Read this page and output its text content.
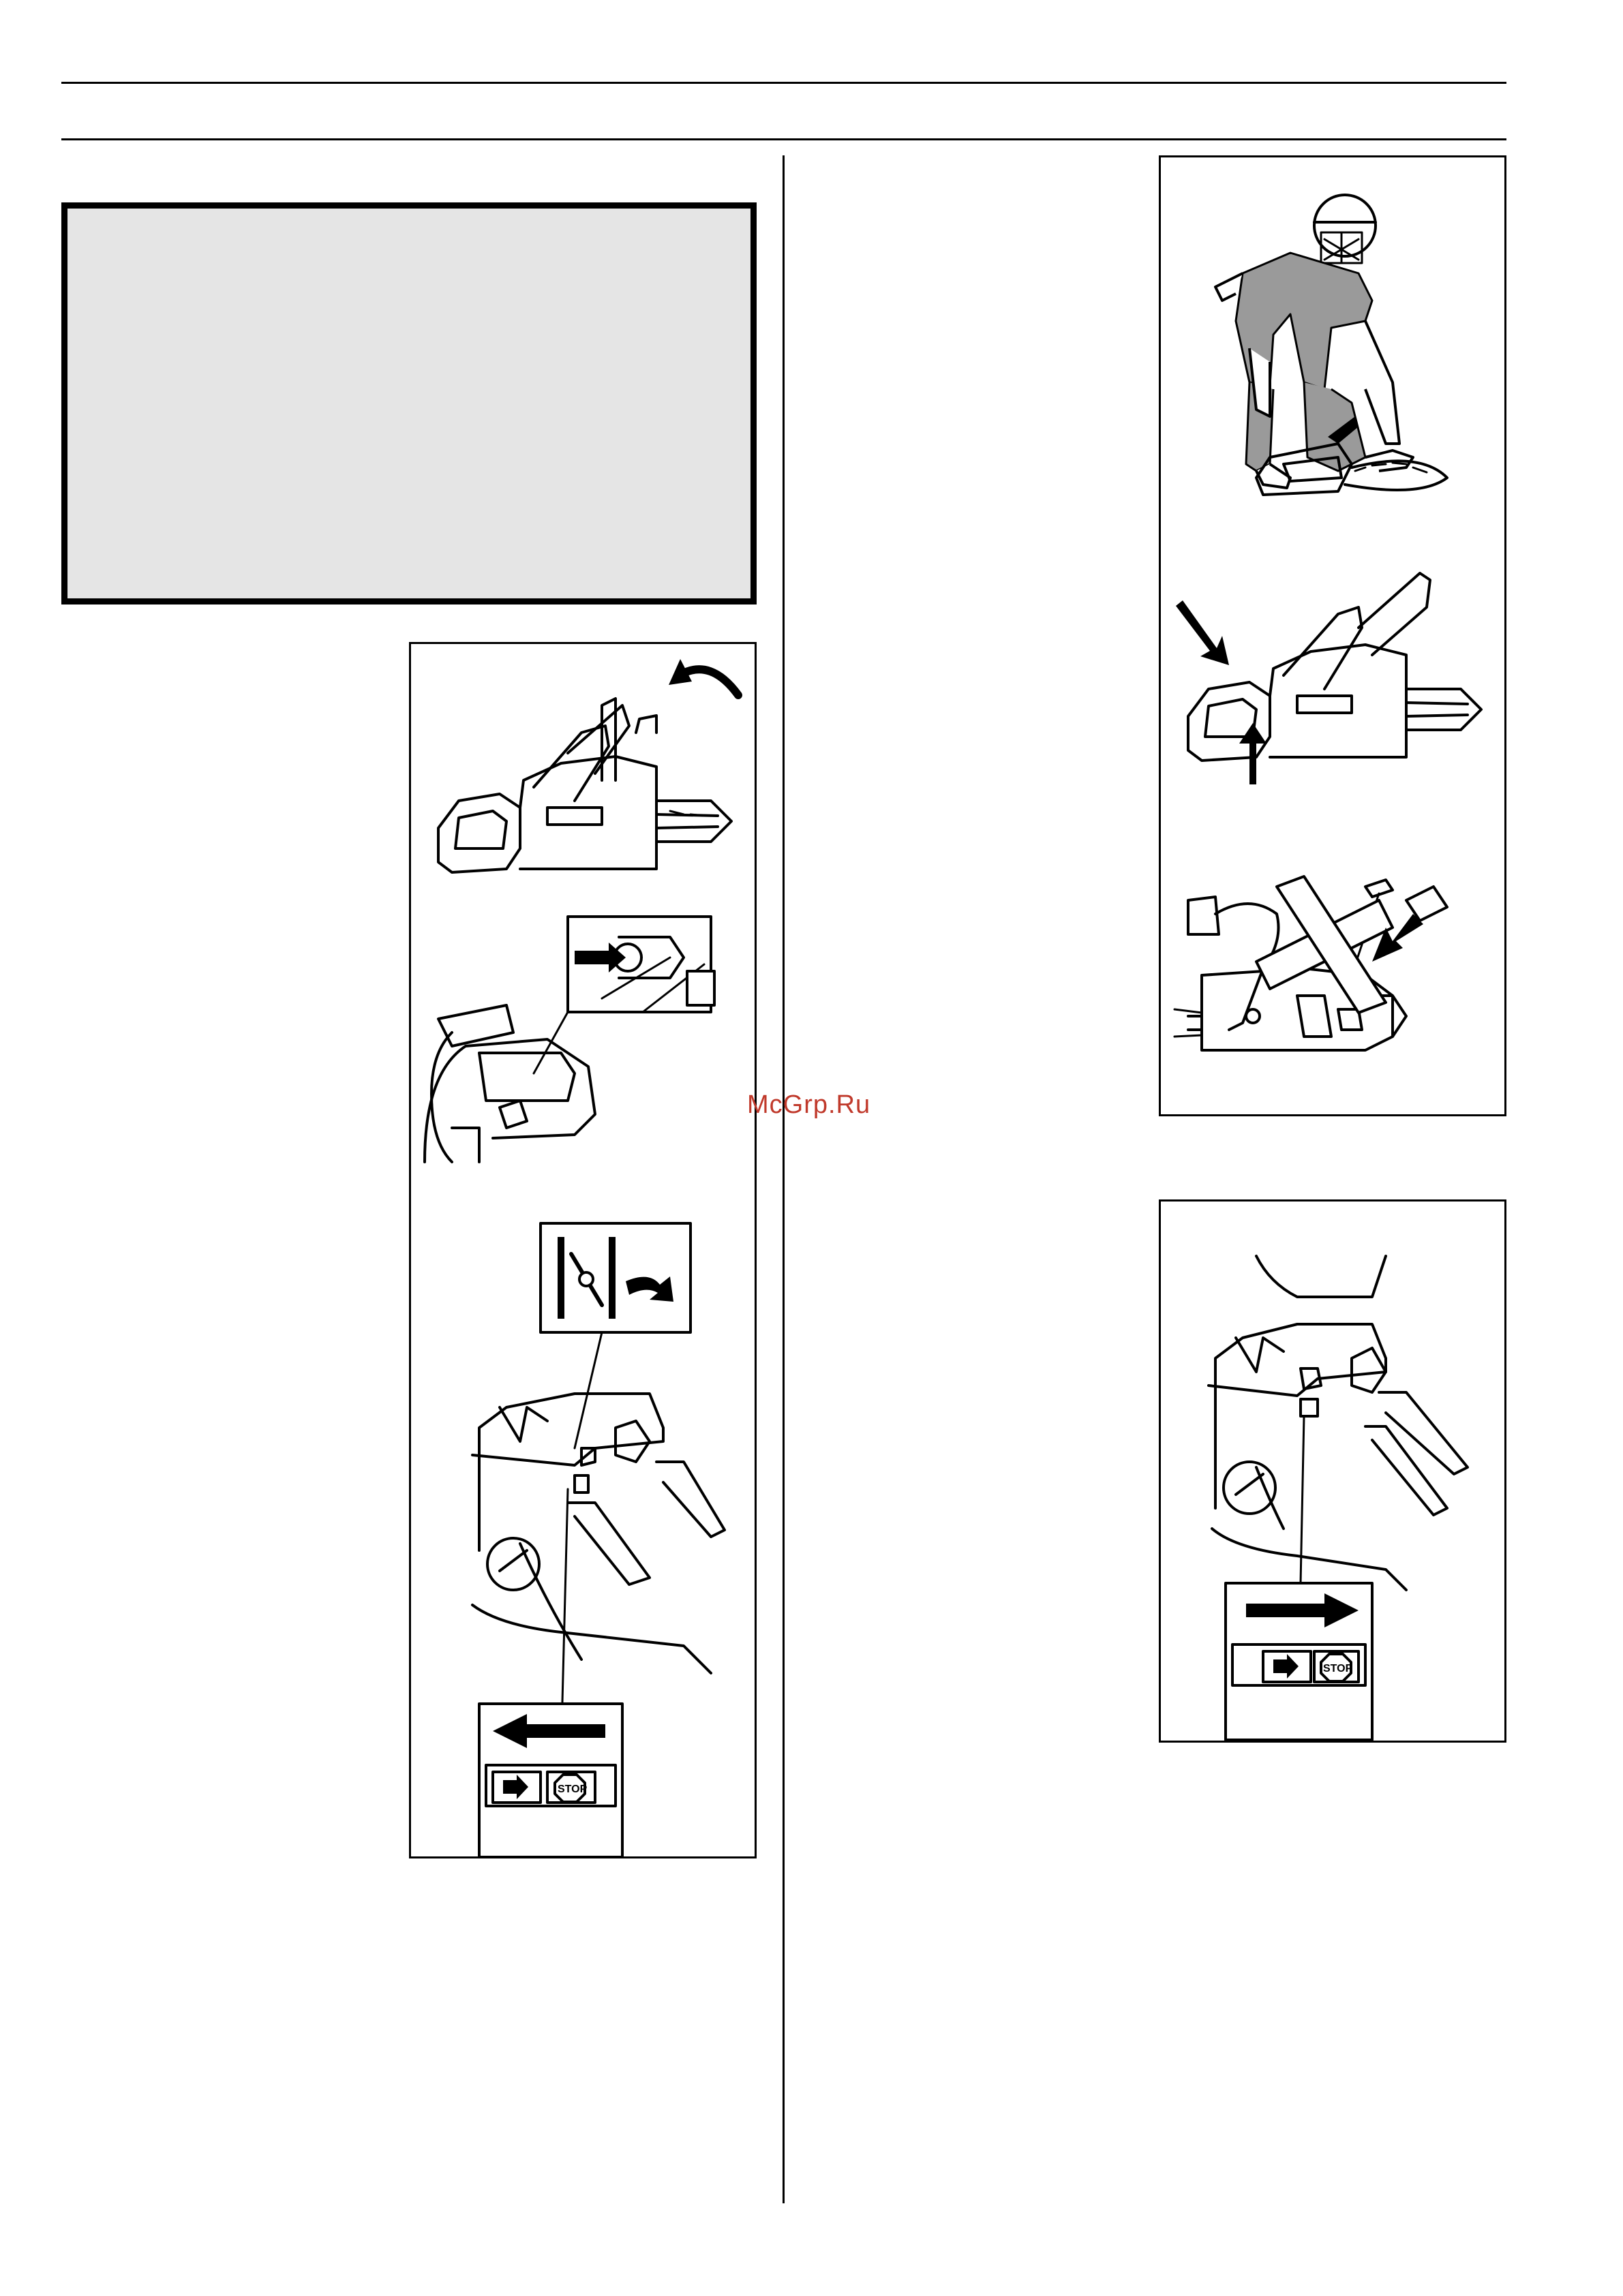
STOP
McGrp.Ru
STOP
